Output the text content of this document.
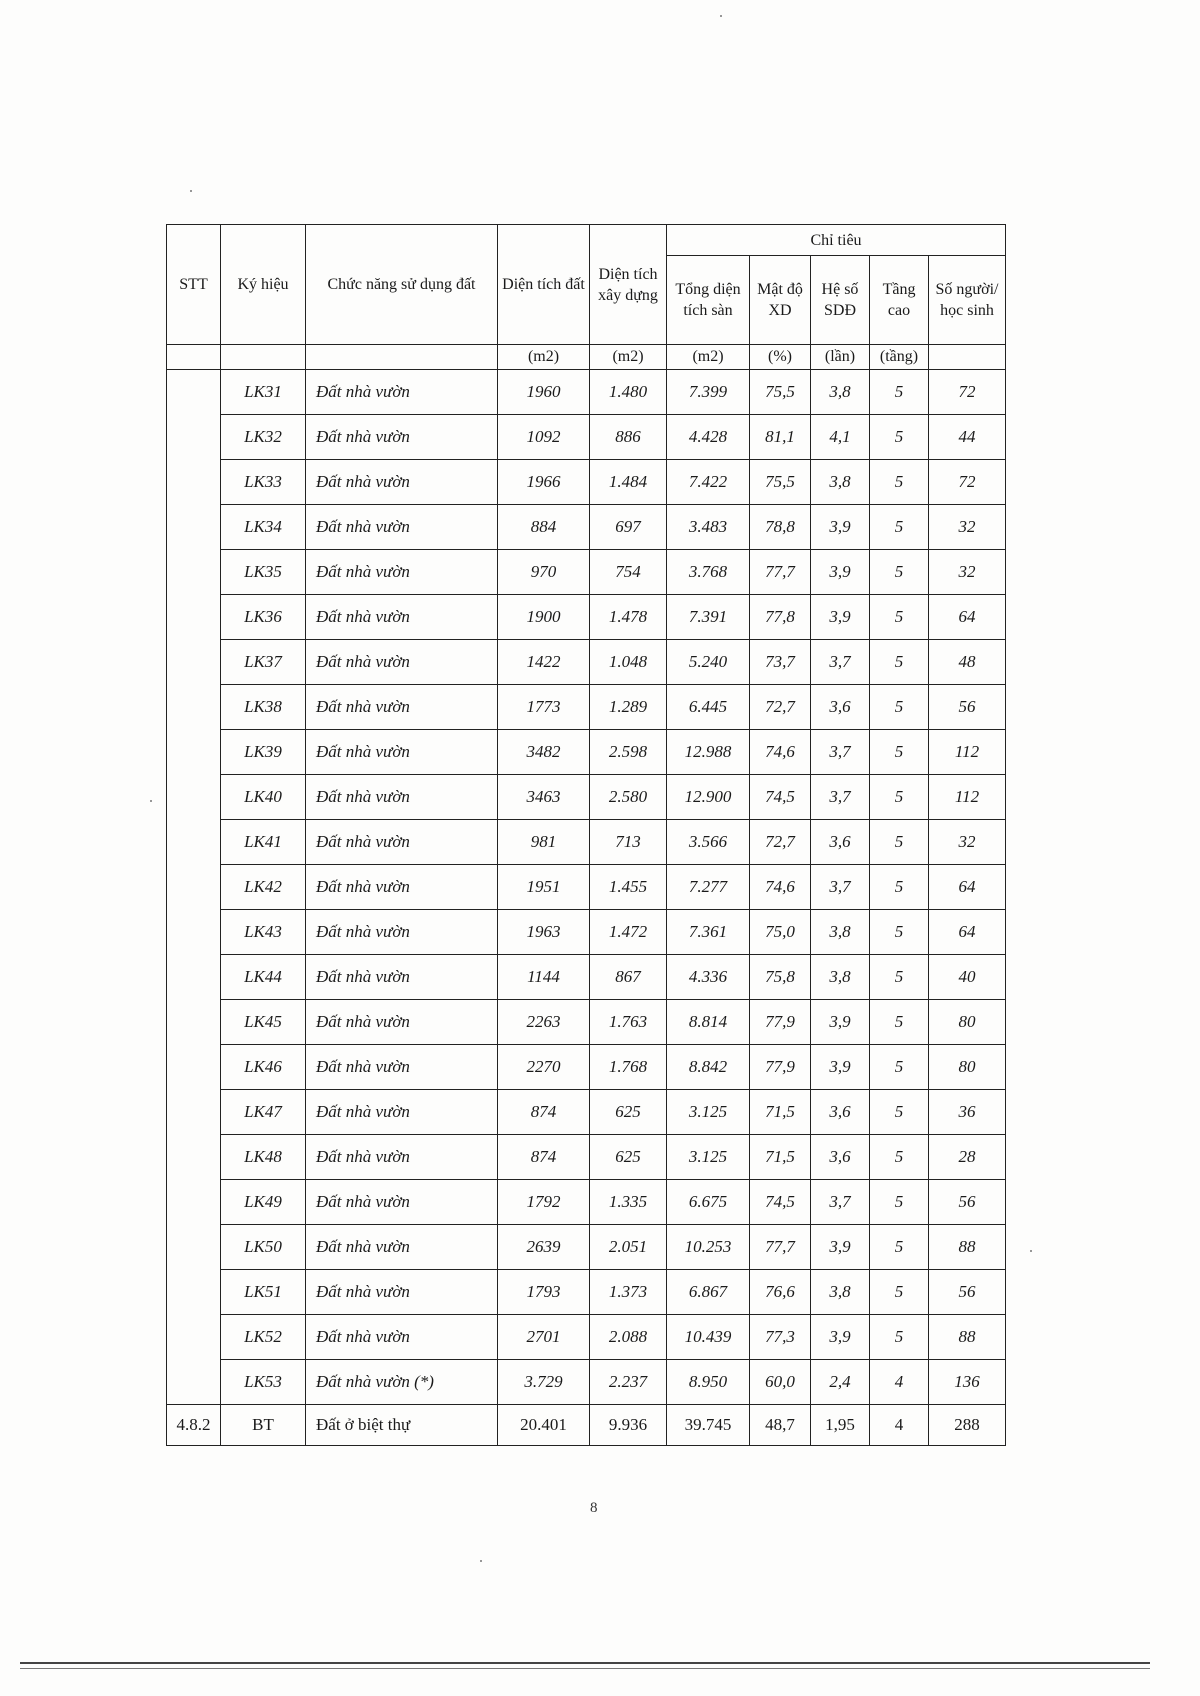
STT	Ký hiệu	Chức năng sử dụng đất	Diện tích đất	Diện tích xây dựng	Chỉ tiêu				
					Tổng diện tích sàn	Mật độ XD	Hệ số SDĐ	Tầng cao	Số người/ học sinh
			(m2)	(m2)	(m2)	(%)	(lần)	(tầng)	
	LK31	Đất nhà vườn	1960	1.480	7.399	75,5	3,8	5	72
	LK32	Đất nhà vườn	1092	886	4.428	81,1	4,1	5	44
	LK33	Đất nhà vườn	1966	1.484	7.422	75,5	3,8	5	72
	LK34	Đất nhà vườn	884	697	3.483	78,8	3,9	5	32
	LK35	Đất nhà vườn	970	754	3.768	77,7	3,9	5	32
	LK36	Đất nhà vườn	1900	1.478	7.391	77,8	3,9	5	64
	LK37	Đất nhà vườn	1422	1.048	5.240	73,7	3,7	5	48
	LK38	Đất nhà vườn	1773	1.289	6.445	72,7	3,6	5	56
	LK39	Đất nhà vườn	3482	2.598	12.988	74,6	3,7	5	112
	LK40	Đất nhà vườn	3463	2.580	12.900	74,5	3,7	5	112
	LK41	Đất nhà vườn	981	713	3.566	72,7	3,6	5	32
	LK42	Đất nhà vườn	1951	1.455	7.277	74,6	3,7	5	64
	LK43	Đất nhà vườn	1963	1.472	7.361	75,0	3,8	5	64
	LK44	Đất nhà vườn	1144	867	4.336	75,8	3,8	5	40
	LK45	Đất nhà vườn	2263	1.763	8.814	77,9	3,9	5	80
	LK46	Đất nhà vườn	2270	1.768	8.842	77,9	3,9	5	80
	LK47	Đất nhà vườn	874	625	3.125	71,5	3,6	5	36
	LK48	Đất nhà vườn	874	625	3.125	71,5	3,6	5	28
	LK49	Đất nhà vườn	1792	1.335	6.675	74,5	3,7	5	56
	LK50	Đất nhà vườn	2639	2.051	10.253	77,7	3,9	5	88
	LK51	Đất nhà vườn	1793	1.373	6.867	76,6	3,8	5	56
	LK52	Đất nhà vườn	2701	2.088	10.439	77,3	3,9	5	88
	LK53	Đất nhà vườn (*)	3.729	2.237	8.950	60,0	2,4	4	136
4.8.2	BT	Đất ở biệt thự	20.401	9.936	39.745	48,7	1,95	4	288
8
